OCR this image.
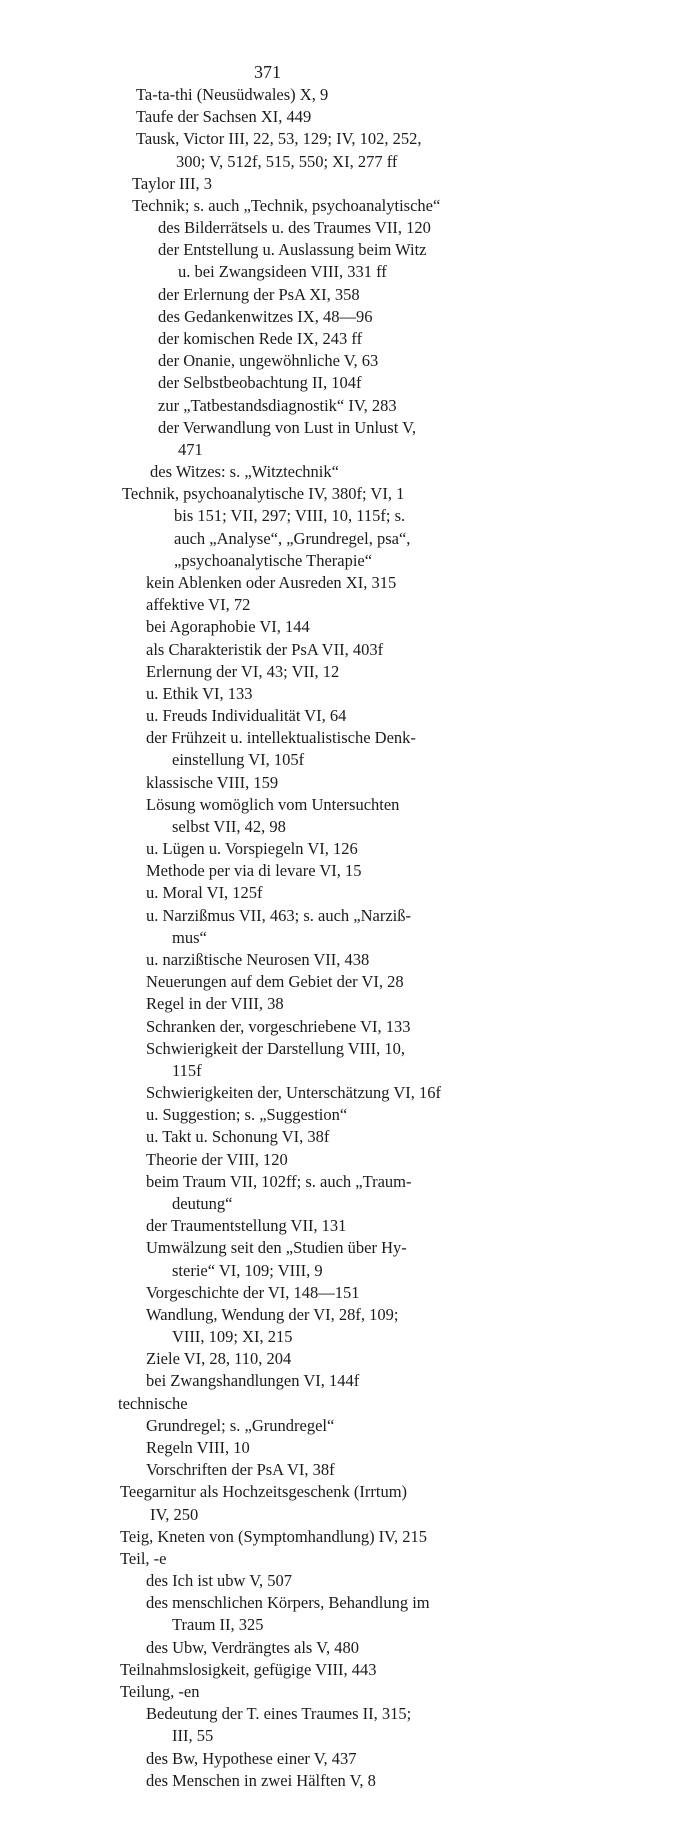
371
Ta-ta-thi (Neusüdwales) X, 9
Taufe der Sachsen XI, 449
Tausk, Victor III, 22, 53, 129; IV, 102, 252,
300; V, 512f, 515, 550; XI, 277 ff
Taylor III, 3
Technik; s. auch „Technik, psychoanalytische“
des Bilderrätsels u. des Traumes VII, 120
der Entstellung u. Auslassung beim Witz
u. bei Zwangsideen VIII, 331 ff
der Erlernung der PsA XI, 358
des Gedankenwitzes IX, 48—96
der komischen Rede IX, 243 ff
der Onanie, ungewöhnliche V, 63
der Selbstbeobachtung II, 104f
zur „Tatbestandsdiagnostik“ IV, 283
der Verwandlung von Lust in Unlust V,
471
des Witzes: s. „Witztechnik“
Technik, psychoanalytische IV, 380f; VI, 1
bis 151; VII, 297; VIII, 10, 115f; s.
auch „Analyse“, „Grundregel, psa“,
„psychoanalytische Therapie“
kein Ablenken oder Ausreden XI, 315
affektive VI, 72
bei Agoraphobie VI, 144
als Charakteristik der PsA VII, 403f
Erlernung der VI, 43; VII, 12
u. Ethik VI, 133
u. Freuds Individualität VI, 64
der Frühzeit u. intellektualistische Denk-
einstellung VI, 105f
klassische VIII, 159
Lösung womöglich vom Untersuchten
selbst VII, 42, 98
u. Lügen u. Vorspiegeln VI, 126
Methode per via di levare VI, 15
u. Moral VI, 125f
u. Narzißmus VII, 463; s. auch „Narziß-
mus“
u. narzißtische Neurosen VII, 438
Neuerungen auf dem Gebiet der VI, 28
Regel in der VIII, 38
Schranken der, vorgeschriebene VI, 133
Schwierigkeit der Darstellung VIII, 10,
115f
Schwierigkeiten der, Unterschätzung VI, 16f
u. Suggestion; s. „Suggestion“
u. Takt u. Schonung VI, 38f
Theorie der VIII, 120
beim Traum VII, 102ff; s. auch „Traum-
deutung“
der Traumentstellung VII, 131
Umwälzung seit den „Studien über Hy-
sterie“ VI, 109; VIII, 9
Vorgeschichte der VI, 148—151
Wandlung, Wendung der VI, 28f, 109;
VIII, 109; XI, 215
Ziele VI, 28, 110, 204
bei Zwangshandlungen VI, 144f
technische
Grundregel; s. „Grundregel“
Regeln VIII, 10
Vorschriften der PsA VI, 38f
Teegarnitur als Hochzeitsgeschenk (Irrtum)
IV, 250
Teig, Kneten von (Symptomhandlung) IV, 215
Teil, -e
des Ich ist ubw V, 507
des menschlichen Körpers, Behandlung im
Traum II, 325
des Ubw, Verdrängtes als V, 480
Teilnahmslosigkeit, gefügige VIII, 443
Teilung, -en
Bedeutung der T. eines Traumes II, 315;
III, 55
des Bw, Hypothese einer V, 437
des Menschen in zwei Hälften V, 8
